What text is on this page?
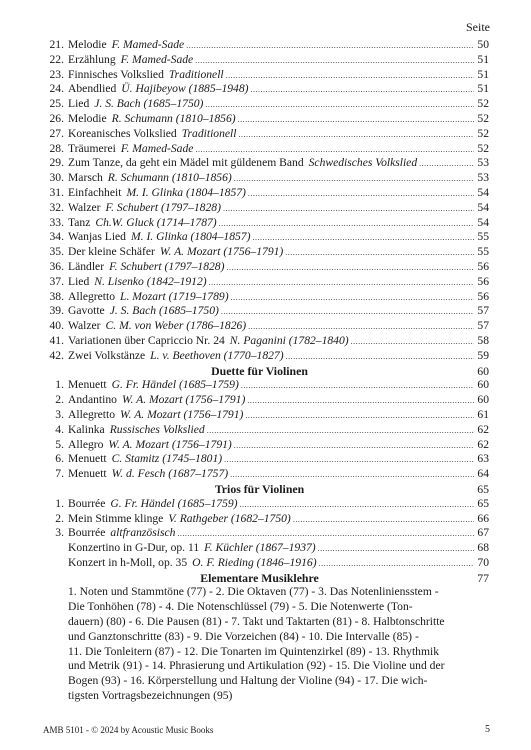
Seite
21. Melodie F. Mamed-Sade .....	50
22. Erzählung F. Mamed-Sade .....	51
23. Finnisches Volkslied Traditionell .....	51
24. Abendlied Ü. Hajibeyow (1885–1948) .....	51
25. Lied J. S. Bach (1685–1750) .....	52
26. Melodie R. Schumann (1810–1856) .....	52
27. Koreanisches Volkslied Traditionell .....	52
28. Träumerei F. Mamed-Sade .....	52
29. Zum Tanze, da geht ein Mädel mit güldenem Band Schwedisches Volkslied .....	53
30. Marsch R. Schumann (1810–1856) .....	53
31. Einfachheit M. I. Glinka (1804–1857) .....	54
32. Walzer F. Schubert (1797–1828) .....	54
33. Tanz Ch.W. Gluck (1714–1787) .....	54
34. Wanjas Lied M. I. Glinka (1804–1857) .....	55
35. Der kleine Schäfer W. A. Mozart (1756–1791) .....	55
36. Ländler F. Schubert (1797–1828) .....	56
37. Lied N. Lisenko (1842–1912) .....	56
38. Allegretto L. Mozart (1719–1789) .....	56
39. Gavotte J. S. Bach (1685–1750) .....	57
40. Walzer C. M. von Weber (1786–1826) .....	57
41. Variationen über Capriccio Nr. 24 N. Paganini (1782–1840) .....	58
42. Zwei Volkstänze L. v. Beethoven (1770–1827) .....	59
Duette für Violinen	60
1. Menuett G. Fr. Händel (1685–1759) .....	60
2. Andantino W. A. Mozart (1756–1791) .....	60
3. Allegretto W. A. Mozart (1756–1791) .....	61
4. Kalinka Russisches Volkslied .....	62
5. Allegro W. A. Mozart (1756–1791) .....	62
6. Menuett C. Stamitz (1745–1801) .....	63
7. Menuett W. d. Fesch (1687–1757) .....	64
Trios für Violinen	65
1. Bourrée G. Fr. Händel (1685–1759) .....	65
2. Mein Stimme klinge V. Rathgeber (1682–1750) .....	66
3. Bourrée altfranzösisch .....	67
Konzertino in G-Dur, op. 11 F. Küchler (1867–1937) .....	68
Konzert in h-Moll, op. 35 O. F. Rieding (1846–1916) .....	70
Elementare Musiklehre	77
1. Noten und Stammtöne (77) - 2. Die Oktaven (77) - 3. Das Notenliniensstem -
Die Tonhöhen (78) - 4. Die Notenschlüssel (79) - 5. Die Notenwerte (Ton-
dauern) (80) - 6. Die Pausen (81) - 7. Takt und Taktarten (81) - 8. Halbtonschritte
und Ganztonschritte (83) - 9. Die Vorzeichen (84) - 10. Die Intervalle (85) -
11. Die Tonleitern (87) - 12. Die Tonarten im Quintenzirkel (89) - 13. Rhythmik
und Metrik (91) - 14. Phrasierung und Artikulation (92) - 15. Die Violine und der
Bogen (93) - 16. Körperstellung und Haltung der Violine (94) - 17. Die wich-
tigsten Vortragsbezeichnungen (95)
AMB 5101 - © 2024 by Acoustic Music Books	5
